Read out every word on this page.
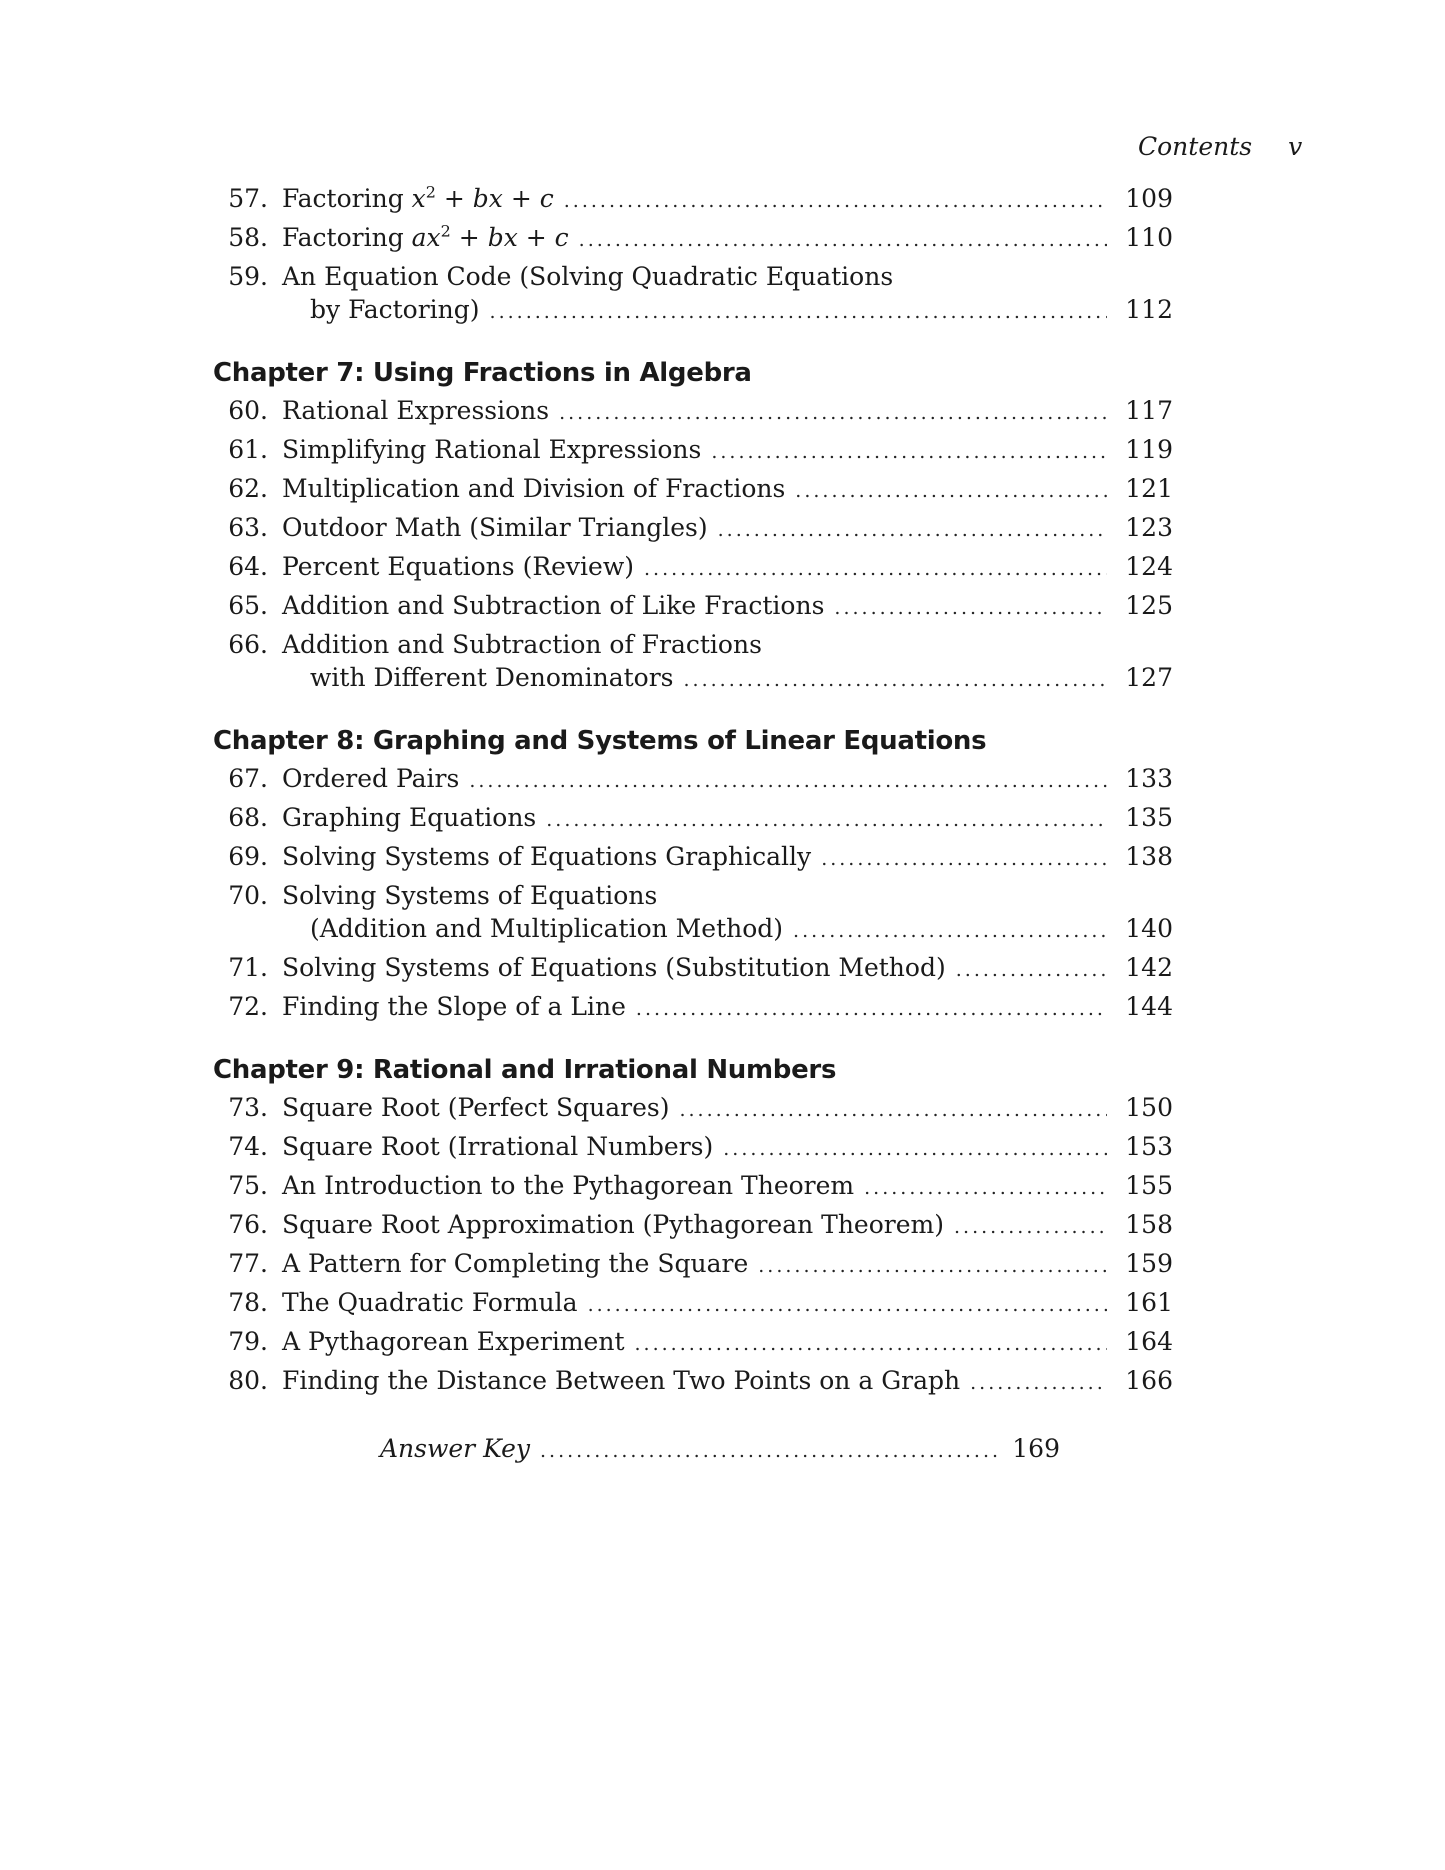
Contents v
57. Factoring $x^2$ + bx + c .....	109
58. Factoring $ax^2$ + bx + c .....	110
59. An Equation Code (Solving Quadratic Equations
by Factoring) .....	112
Chapter 7: Using Fractions in Algebra
60. Rational Expressions .....	117
61. Simplifying Rational Expressions .....	119
62. Multiplication and Division of Fractions .....	121
63. Outdoor Math (Similar Triangles) .....	123
64. Percent Equations (Review) .....	124
65. Addition and Subtraction of Like Fractions .....	125
66. Addition and Subtraction of Fractions
with Different Denominators .....	127
Chapter 8: Graphing and Systems of Linear Equations
67. Ordered Pairs .....	133
68. Graphing Equations .....	135
69. Solving Systems of Equations Graphically .....	138
70. Solving Systems of Equations
(Addition and Multiplication Method) .....	140
71. Solving Systems of Equations (Substitution Method) .....	142
72. Finding the Slope of a Line .....	144
Chapter 9: Rational and Irrational Numbers
73. Square Root (Perfect Squares) .....	150
74. Square Root (Irrational Numbers) .....	153
75. An Introduction to the Pythagorean Theorem .....	155
76. Square Root Approximation (Pythagorean Theorem) .....	158
77. A Pattern for Completing the Square .....	159
78. The Quadratic Formula .....	161
79. A Pythagorean Experiment .....	164
80. Finding the Distance Between Two Points on a Graph .....	166
Answer Key .....	169
